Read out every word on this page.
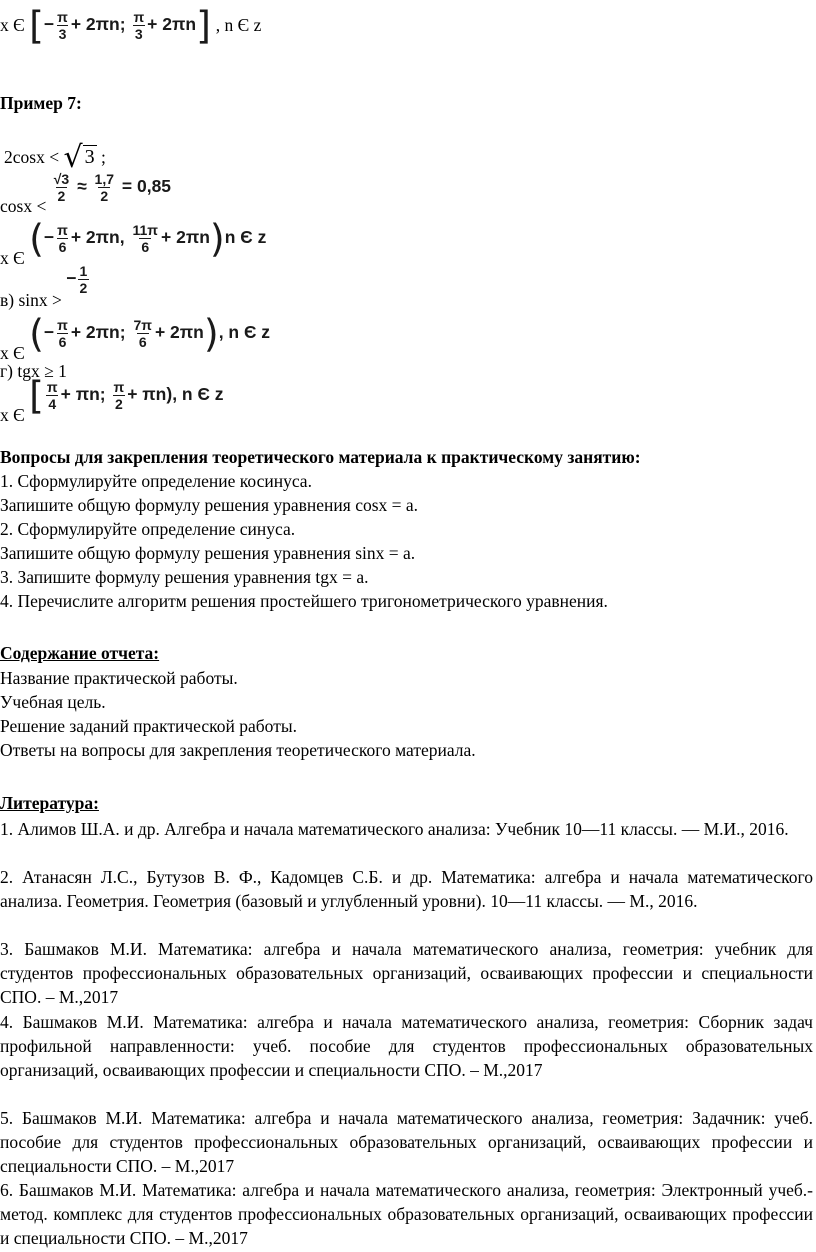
x Є [− $\frac{\pi}{3} + 2\pi n$; $\frac{\pi}{3} + 2\pi n$] , n Є z
Пример 7:
2cosx < √ 3 ;
cosx <
$\frac{√3}{2} \approx \frac{1,7}{2} = 0,85$
x Є (− $\frac{\pi}{6} + 2\pi n$, $\frac{11\pi}{6} + 2\pi n)n$ Є z
в) sinx > − $\frac{1}{2}$
x Є (− $\frac{\pi}{6} + 2\pi n$; $\frac{7\pi}{6} + 2\pi n$), n Є z
г) tgx ≥ 1
x Є [ $\frac{\pi}{4} + \pi n$; $\frac{\pi}{2} + \pi n$), n Є z
Вопросы для закрепления теоретического материала к практическому занятию:
1. Сформулируйте определение косинуса.
Запишите общую формулу решения уравнения cosx = a.
2. Сформулируйте определение синуса.
Запишите общую формулу решения уравнения sinx = a.
3. Запишите формулу решения уравнения tgx = a.
4. Перечислите алгоритм решения простейшего тригонометрического уравнения.
Содержание отчета:
Название практической работы.
Учебная цель.
Решение заданий практической работы.
Ответы на вопросы для закрепления теоретического материала.
Литература:
1. Алимов Ш.А. и др. Алгебра и начала математического анализа: Учебник 10—11 классы. — М.И., 2016.
2. Атанасян Л.С., Бутузов В. Ф., Кадомцев С.Б. и др. Математика: алгебра и начала математического анализа. Геометрия. Геометрия (базовый и углубленный уровни). 10—11 классы. — М., 2016.
3. Башмаков М.И. Математика: алгебра и начала математического анализа, геометрия: учебник для студентов профессиональных образовательных организаций, осваивающих профессии и специальности СПО. – М.,2017
4. Башмаков М.И. Математика: алгебра и начала математического анализа, геометрия: Сборник задач профильной направленности: учеб. пособие для студентов профессиональных образовательных организаций, осваивающих профессии и специальности СПО. – М.,2017
5. Башмаков М.И. Математика: алгебра и начала математического анализа, геометрия: Задачник: учеб. пособие для студентов профессиональных образовательных организаций, осваивающих профессии и специальности СПО. – М.,2017
6. Башмаков М.И. Математика: алгебра и начала математического анализа, геометрия: Электронный учеб.- метод. комплекс для студентов профессиональных образовательных организаций, осваивающих профессии и специальности СПО. – М.,2017
